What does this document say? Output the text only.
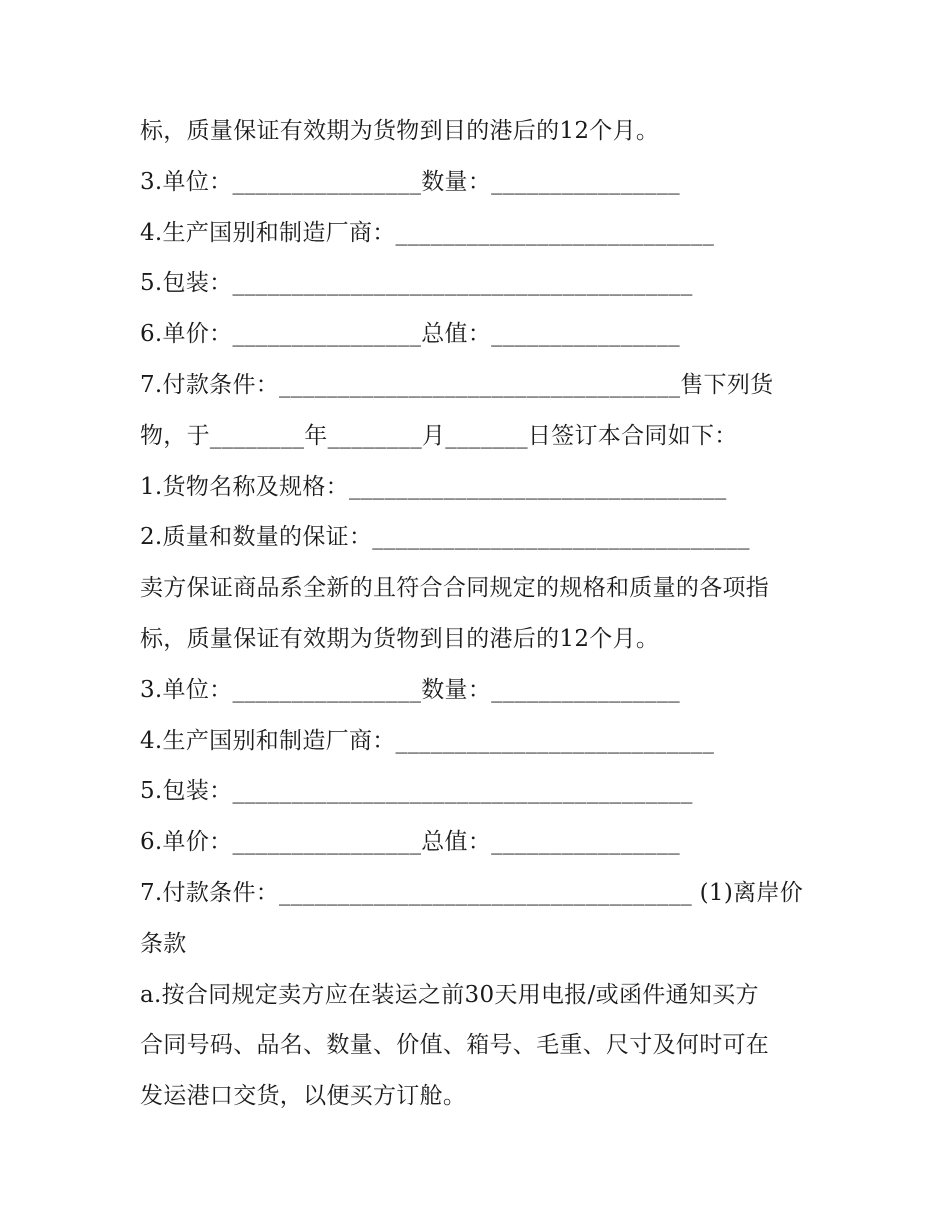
标，质量保证有效期为货物到目的港后的12个月。
3.单位：________________数量：________________
4.生产国别和制造厂商：___________________________
5.包装：_______________________________________
6.单价：________________总值：________________
7.付款条件：__________________________________售下列货
物，于________年________月_______日签订本合同如下：
1.货物名称及规格：________________________________
2.质量和数量的保证：________________________________
卖方保证商品系全新的且符合合同规定的规格和质量的各项指
标，质量保证有效期为货物到目的港后的12个月。
3.单位：________________数量：________________
4.生产国别和制造厂商：___________________________
5.包装：_______________________________________
6.单价：________________总值：________________
7.付款条件：___________________________________ (1)离岸价
条款
a.按合同规定卖方应在装运之前30天用电报/或函件通知买方
合同号码、品名、数量、价值、箱号、毛重、尺寸及何时可在
发运港口交货，以便买方订舱。
